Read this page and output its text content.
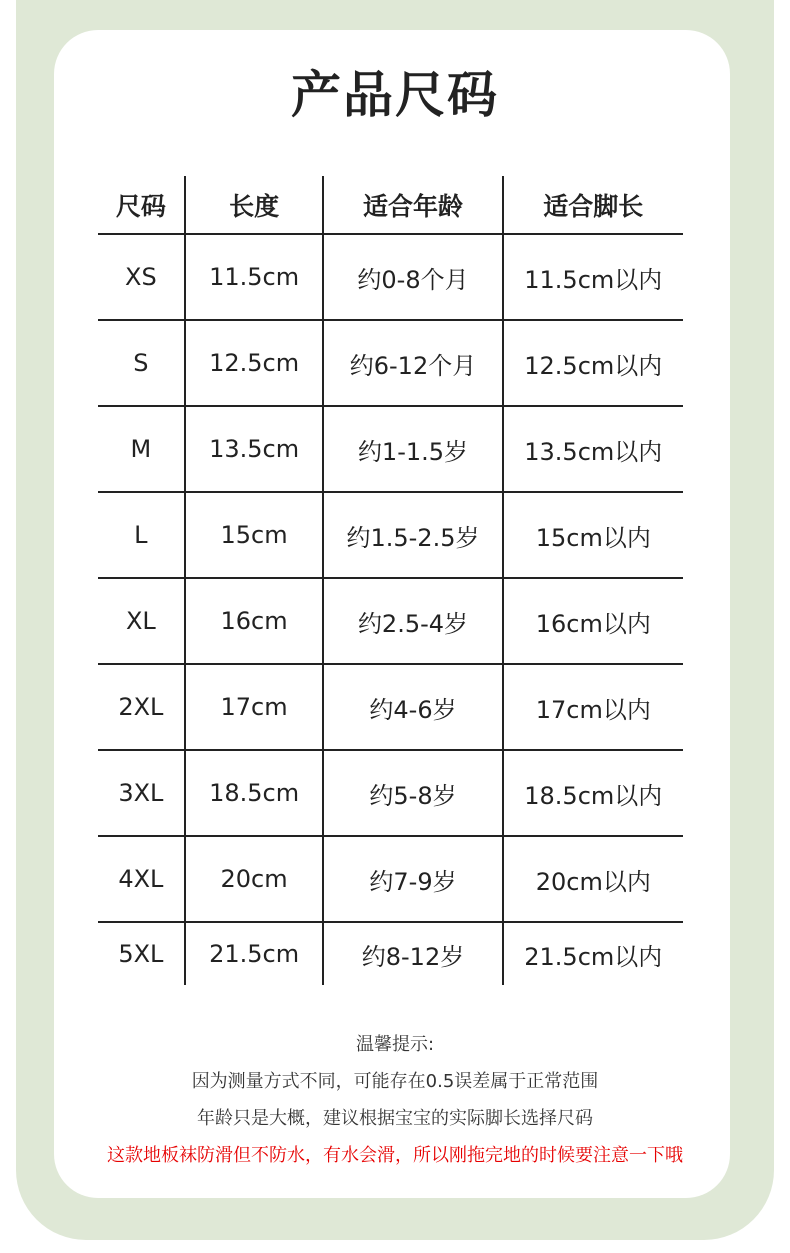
产品尺码
尺码	长度	适合年龄	适合脚长
XS	11.5cm	约0-8个月	11.5cm以内
S	12.5cm	约6-12个月	12.5cm以内
M	13.5cm	约1-1.5岁	13.5cm以内
L	15cm	约1.5-2.5岁	15cm以内
XL	16cm	约2.5-4岁	16cm以内
2XL	17cm	约4-6岁	17cm以内
3XL	18.5cm	约5-8岁	18.5cm以内
4XL	20cm	约7-9岁	20cm以内
5XL	21.5cm	约8-12岁	21.5cm以内
温馨提示:
因为测量方式不同，可能存在0.5误差属于正常范围
年龄只是大概，建议根据宝宝的实际脚长选择尺码
这款地板袜防滑但不防水，有水会滑，所以刚拖完地的时候要注意一下哦
